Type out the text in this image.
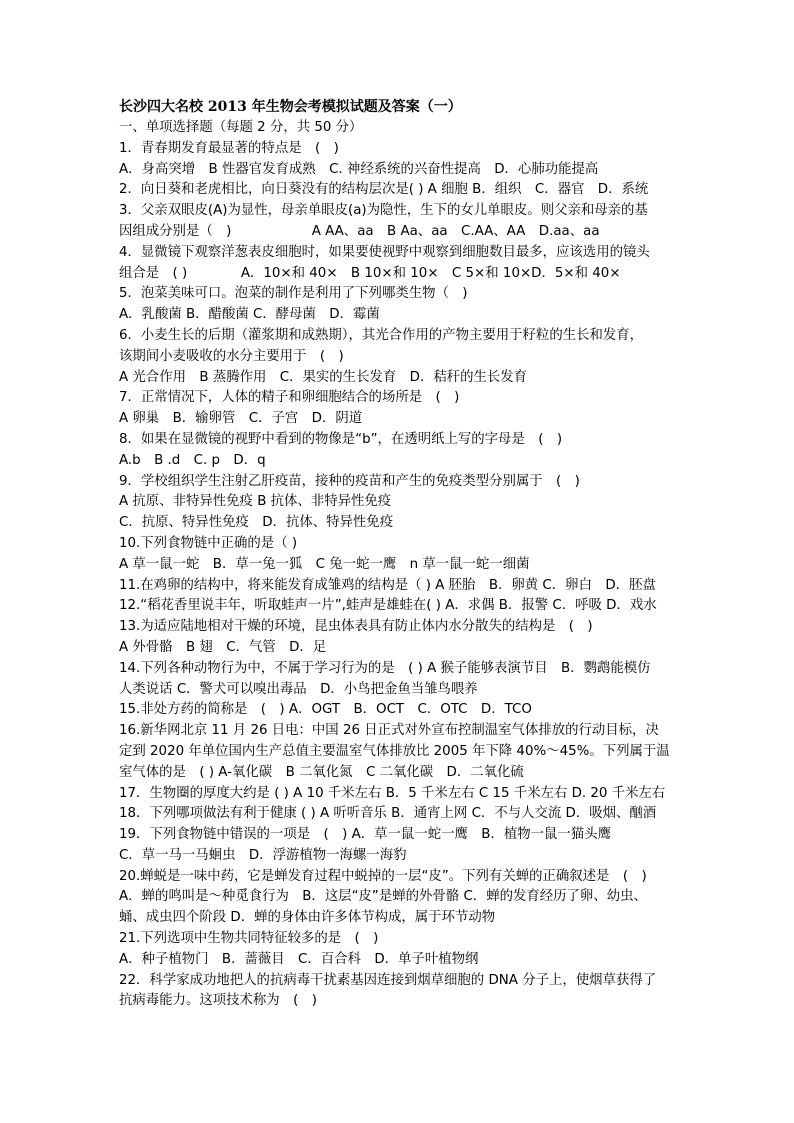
长沙四大名校 2013 年生物会考模拟试题及答案（一）
一、单项选择题（每题 2 分，共 50 分）
1．青春期发育最显著的特点是　(　)
A．身高突增　B 性器官发育成熟　C. 神经系统的兴奋性提高　D．心肺功能提高
2．向日葵和老虎相比，向日葵没有的结构层次是( ) A 细胞 B．组织　C．器官　D．系统
3．父亲双眼皮(A)为显性，母亲单眼皮(a)为隐性，生下的女儿单眼皮。则父亲和母亲的基
因组成分别是（　)　　　　　　A AA、aa　B Aa、aa　C.AA、AA　D.aa、aa
4．显微镜下观察洋葱表皮细胞时，如果要使视野中观察到细胞数目最多，应该选用的镜头
组合是　( )　　　　A．10×和 40×　B 10×和 10×　C 5×和 10×D．5×和 40×
5．泡菜美味可口。泡菜的制作是利用了下列哪类生物（　)
A．乳酸菌 B．醋酸菌 C．酵母菌　D．霉菌
6．小麦生长的后期（灌浆期和成熟期），其光合作用的产物主要用于籽粒的生长和发育，
该期间小麦吸收的水分主要用于　(　)
A 光合作用　B 蒸腾作用　C．果实的生长发育　D．秸秆的生长发育
7．正常情况下，人体的精子和卵细胞结合的场所是　(　)
A 卵巢　B．输卵管　C．子宫　D．阴道
8．如果在显微镜的视野中看到的物像是“b”，在透明纸上写的字母是　(　)
A.b　B .d　C. p　D．q
9．学校组织学生注射乙肝疫苗，接种的疫苗和产生的免疫类型分别属于　(　)
A 抗原、非特异性免疫 B 抗体、非特异性免疫
C．抗原、特异性免疫　D．抗体、特异性免疫
10.下列食物链中正确的是（ )
A 草一鼠一蛇　B．草一兔一狐　C 兔一蛇一鹰　n 草一鼠一蛇一细菌
11.在鸡卵的结构中，将来能发育成雏鸡的结构是（ ) A 胚胎　B．卵黄 C．卵白　D．胚盘
12.“稻花香里说丰年，听取蛙声一片”,蛙声是雄蛙在( ) A．求偶 B．报警 C．呼吸 D．戏水
13.为适应陆地相对干燥的环境，昆虫体表具有防止体内水分散失的结构是　(　)
A 外骨骼　B 翅　C．气管　D．足
14.下列各种动物行为中，不属于学习行为的是　( ) A 猴子能够表演节目　B．鹦鹉能模仿
人类说话 C．警犬可以嗅出毒品　D．小鸟把金鱼当雏鸟喂养
15.非处方药的简称是　(　) A．OGT　B．OCT　C．OTC　D．TCO
16.新华网北京 11 月 26 日电：中国 26 日正式对外宣布控制温室气体排放的行动目标，决
定到 2020 年单位国内生产总值主要温室气体排放比 2005 年下降 40%～45%。下列属于温
室气体的是　( ) A-氧化碳　B 二氧化氮　C 二氧化碳　D．二氧化硫
17．生物圈的厚度大约是 ( ) A 10 千米左右 B．5 千米左右 C 15 千米左右 D. 20 千米左右
18．下列哪项做法有利于健康 ( ) A 听听音乐 B．通宵上网 C．不与人交流 D．吸烟、酗酒
19．下列食物链中错误的一项是　(　) A．草一鼠一蛇一鹰　B．植物一鼠一猫头鹰
C．草一马一马蛔虫　D．浮游植物一海螺一海豹
20.蝉蜕是一味中药，它是蝉发育过程中蜕掉的一层“皮”。下列有关蝉的正确叙述是　(　)
A．蝉的鸣叫是～种觅食行为　B．这层“皮”是蝉的外骨骼 C．蝉的发育经历了卵、幼虫、
蛹、成虫四个阶段 D．蝉的身体由许多体节构成，属于环节动物
21.下列选项中生物共同特征较多的是　(　)
A．种子植物门　B．蔷薇目　C．百合科　D．单子叶植物纲
22．科学家成功地把人的抗病毒干扰素基因连接到烟草细胞的 DNA 分子上，使烟草获得了
抗病毒能力。这项技术称为　(　)
